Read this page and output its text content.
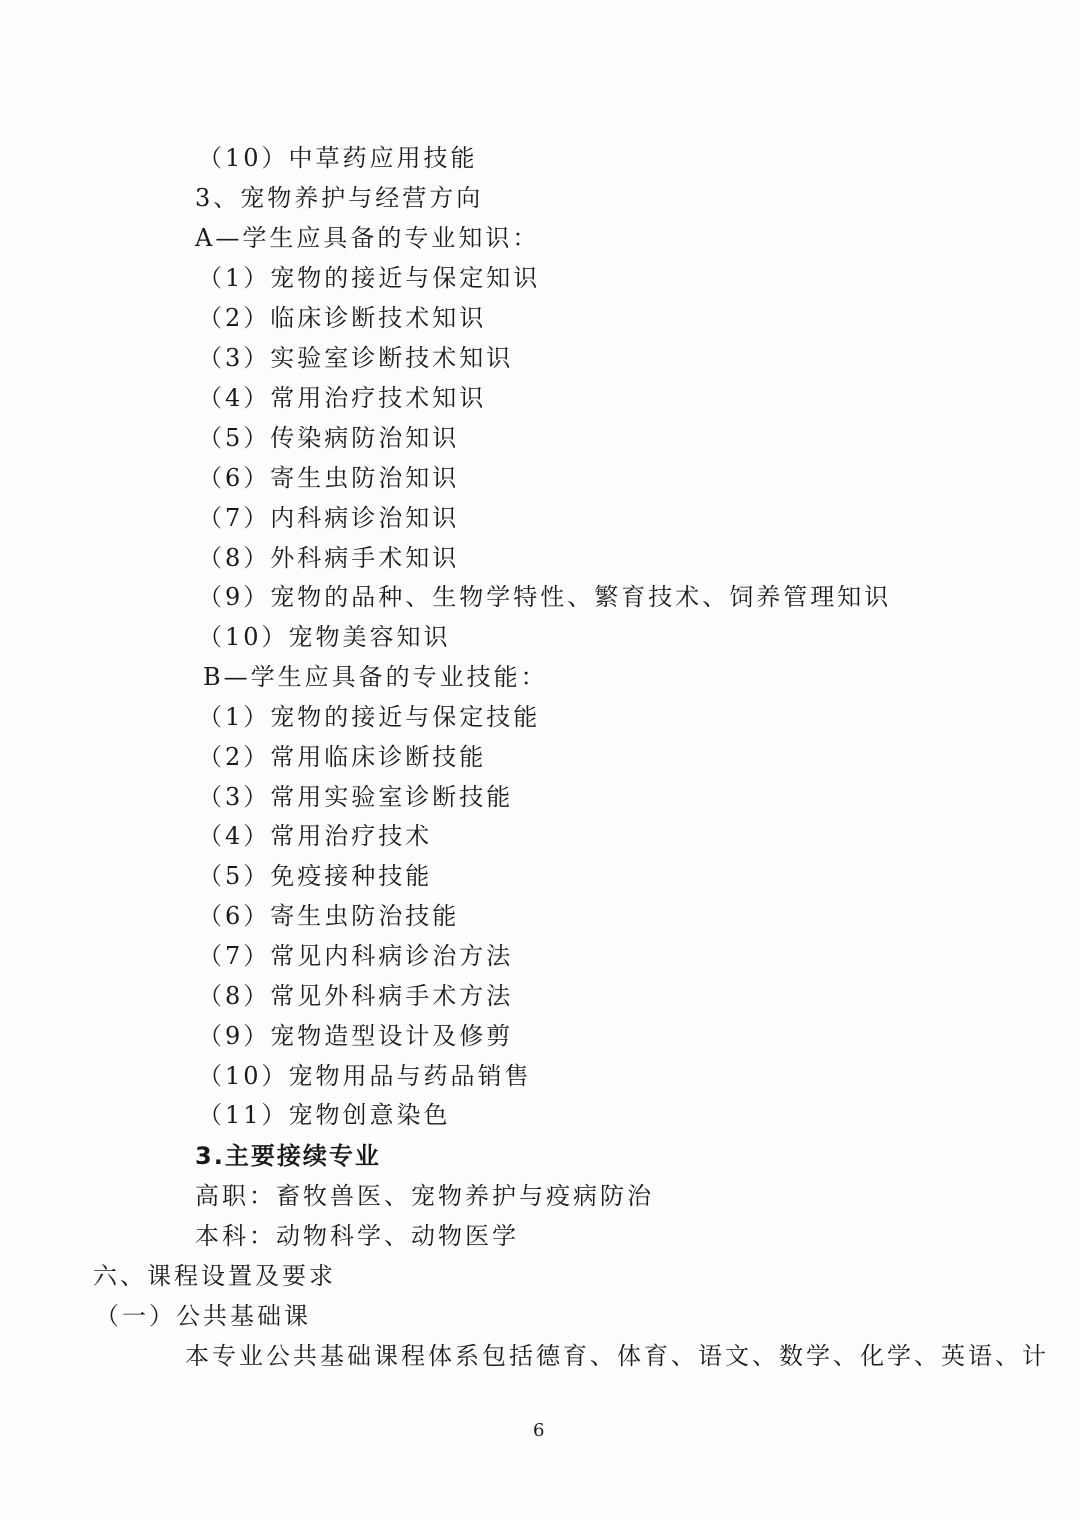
（10）中草药应用技能
3、宠物养护与经营方向
A—学生应具备的专业知识：
（1）宠物的接近与保定知识
（2）临床诊断技术知识
（3）实验室诊断技术知识
（4）常用治疗技术知识
（5）传染病防治知识
（6）寄生虫防治知识
（7）内科病诊治知识
（8）外科病手术知识
（9）宠物的品种、生物学特性、繁育技术、饲养管理知识
（10）宠物美容知识
B—学生应具备的专业技能：
（1）宠物的接近与保定技能
（2）常用临床诊断技能
（3）常用实验室诊断技能
（4）常用治疗技术
（5）免疫接种技能
（6）寄生虫防治技能
（7）常见内科病诊治方法
（8）常见外科病手术方法
（9）宠物造型设计及修剪
（10）宠物用品与药品销售
（11）宠物创意染色
3.主要接续专业
高职：畜牧兽医、宠物养护与疫病防治
本科：动物科学、动物医学
六、课程设置及要求
（一）公共基础课
本专业公共基础课程体系包括德育、体育、语文、数学、化学、英语、计
6
